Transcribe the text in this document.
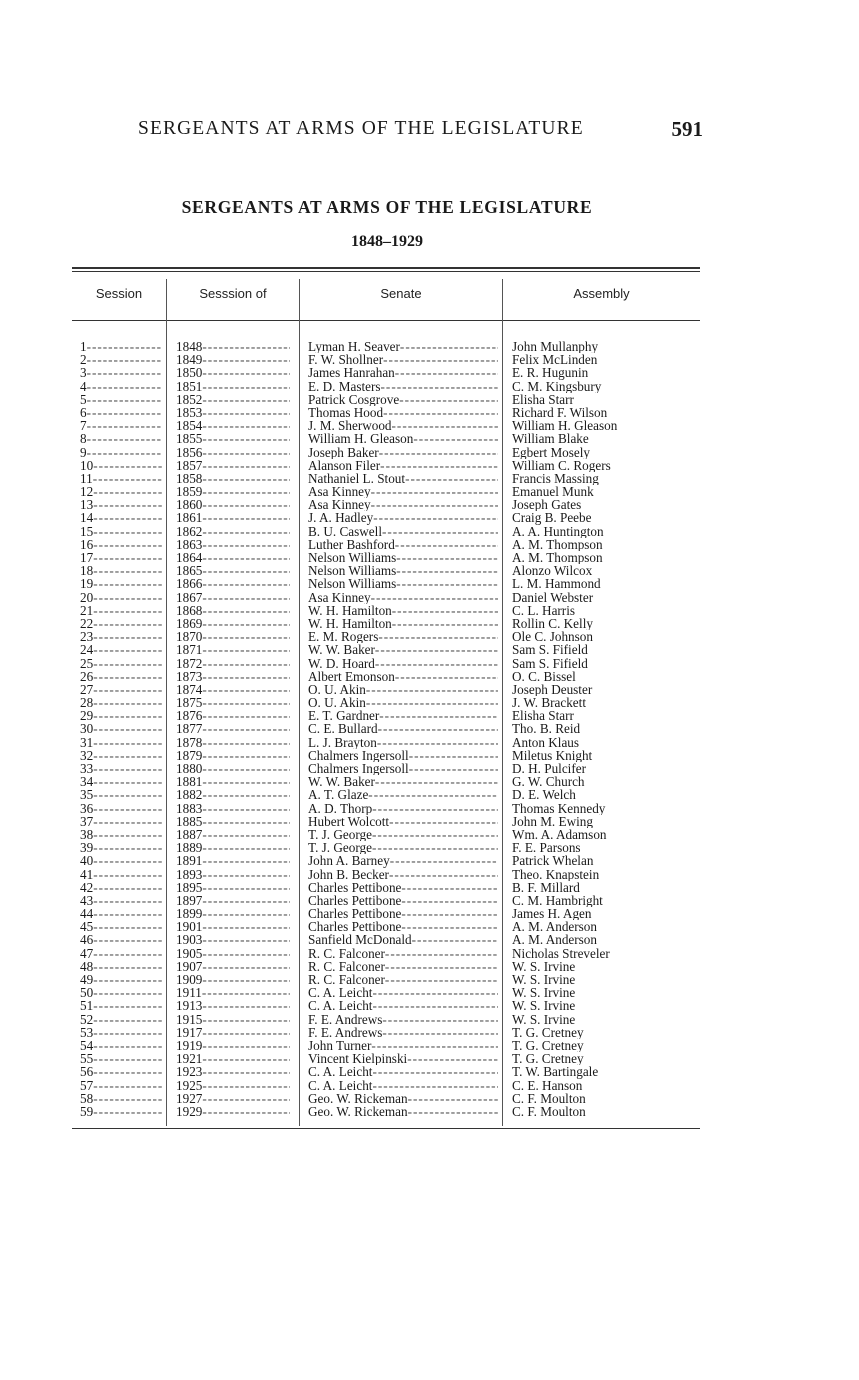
SERGEANTS AT ARMS OF THE LEGISLATURE	591
SERGEANTS AT ARMS OF THE LEGISLATURE
1848–1929
Session	Sesssion of	Senate	Assembly
1 -----	1848 -----	Lyman H. Seaver -----	John Mullanphy
2 -----	1849 -----	F. W. Shollner -----	Felix McLinden
3 -----	1850 -----	James Hanrahan -----	E. R. Hugunin
4 -----	1851 -----	E. D. Masters -----	C. M. Kingsbury
5 -----	1852 -----	Patrick Cosgrove -----	Elisha Starr
6 -----	1853 -----	Thomas Hood -----	Richard F. Wilson
7 -----	1854 -----	J. M. Sherwood -----	William H. Gleason
8 -----	1855 -----	William H. Gleason -----	William Blake
9 -----	1856 -----	Joseph Baker -----	Egbert Mosely
10 -----	1857 -----	Alanson Filer -----	William C. Rogers
11 -----	1858 -----	Nathaniel L. Stout -----	Francis Massing
12 -----	1859 -----	Asa Kinney -----	Emanuel Munk
13 -----	1860 -----	Asa Kinney -----	Joseph Gates
14 -----	1861 -----	J. A. Hadley -----	Craig B. Peebe
15 -----	1862 -----	B. U. Caswell -----	A. A. Huntington
16 -----	1863 -----	Luther Bashford -----	A. M. Thompson
17 -----	1864 -----	Nelson Williams -----	A. M. Thompson
18 -----	1865 -----	Nelson Williams -----	Alonzo Wilcox
19 -----	1866 -----	Nelson Williams -----	L. M. Hammond
20 -----	1867 -----	Asa Kinney -----	Daniel Webster
21 -----	1868 -----	W. H. Hamilton -----	C. L. Harris
22 -----	1869 -----	W. H. Hamilton -----	Rollin C. Kelly
23 -----	1870 -----	E. M. Rogers -----	Ole C. Johnson
24 -----	1871 -----	W. W. Baker -----	Sam S. Fifield
25 -----	1872 -----	W. D. Hoard -----	Sam S. Fifield
26 -----	1873 -----	Albert Emonson -----	O. C. Bissel
27 -----	1874 -----	O. U. Akin -----	Joseph Deuster
28 -----	1875 -----	O. U. Akin -----	J. W. Brackett
29 -----	1876 -----	E. T. Gardner -----	Elisha Starr
30 -----	1877 -----	C. E. Bullard -----	Tho. B. Reid
31 -----	1878 -----	L. J. Brayton -----	Anton Klaus
32 -----	1879 -----	Chalmers Ingersoll -----	Miletus Knight
33 -----	1880 -----	Chalmers Ingersoll -----	D. H. Pulcifer
34 -----	1881 -----	W. W. Baker -----	G. W. Church
35 -----	1882 -----	A. T. Glaze -----	D. E. Welch
36 -----	1883 -----	A. D. Thorp -----	Thomas Kennedy
37 -----	1885 -----	Hubert Wolcott -----	John M. Ewing
38 -----	1887 -----	T. J. George -----	Wm. A. Adamson
39 -----	1889 -----	T. J. George -----	F. E. Parsons
40 -----	1891 -----	John A. Barney -----	Patrick Whelan
41 -----	1893 -----	John B. Becker -----	Theo. Knapstein
42 -----	1895 -----	Charles Pettibone -----	B. F. Millard
43 -----	1897 -----	Charles Pettibone -----	C. M. Hambright
44 -----	1899 -----	Charles Pettibone -----	James H. Agen
45 -----	1901 -----	Charles Pettibone -----	A. M. Anderson
46 -----	1903 -----	Sanfield McDonald -----	A. M. Anderson
47 -----	1905 -----	R. C. Falconer -----	Nicholas Streveler
48 -----	1907 -----	R. C. Falconer -----	W. S. Irvine
49 -----	1909 -----	R. C. Falconer -----	W. S. Irvine
50 -----	1911 -----	C. A. Leicht -----	W. S. Irvine
51 -----	1913 -----	C. A. Leicht -----	W. S. Irvine
52 -----	1915 -----	F. E. Andrews -----	W. S. Irvine
53 -----	1917 -----	F. E. Andrews -----	T. G. Cretney
54 -----	1919 -----	John Turner -----	T. G. Cretney
55 -----	1921 -----	Vincent Kielpinski -----	T. G. Cretney
56 -----	1923 -----	C. A. Leicht -----	T. W. Bartingale
57 -----	1925 -----	C. A. Leicht -----	C. E. Hanson
58 -----	1927 -----	Geo. W. Rickeman -----	C. F. Moulton
59 -----	1929 -----	Geo. W. Rickeman -----	C. F. Moulton
